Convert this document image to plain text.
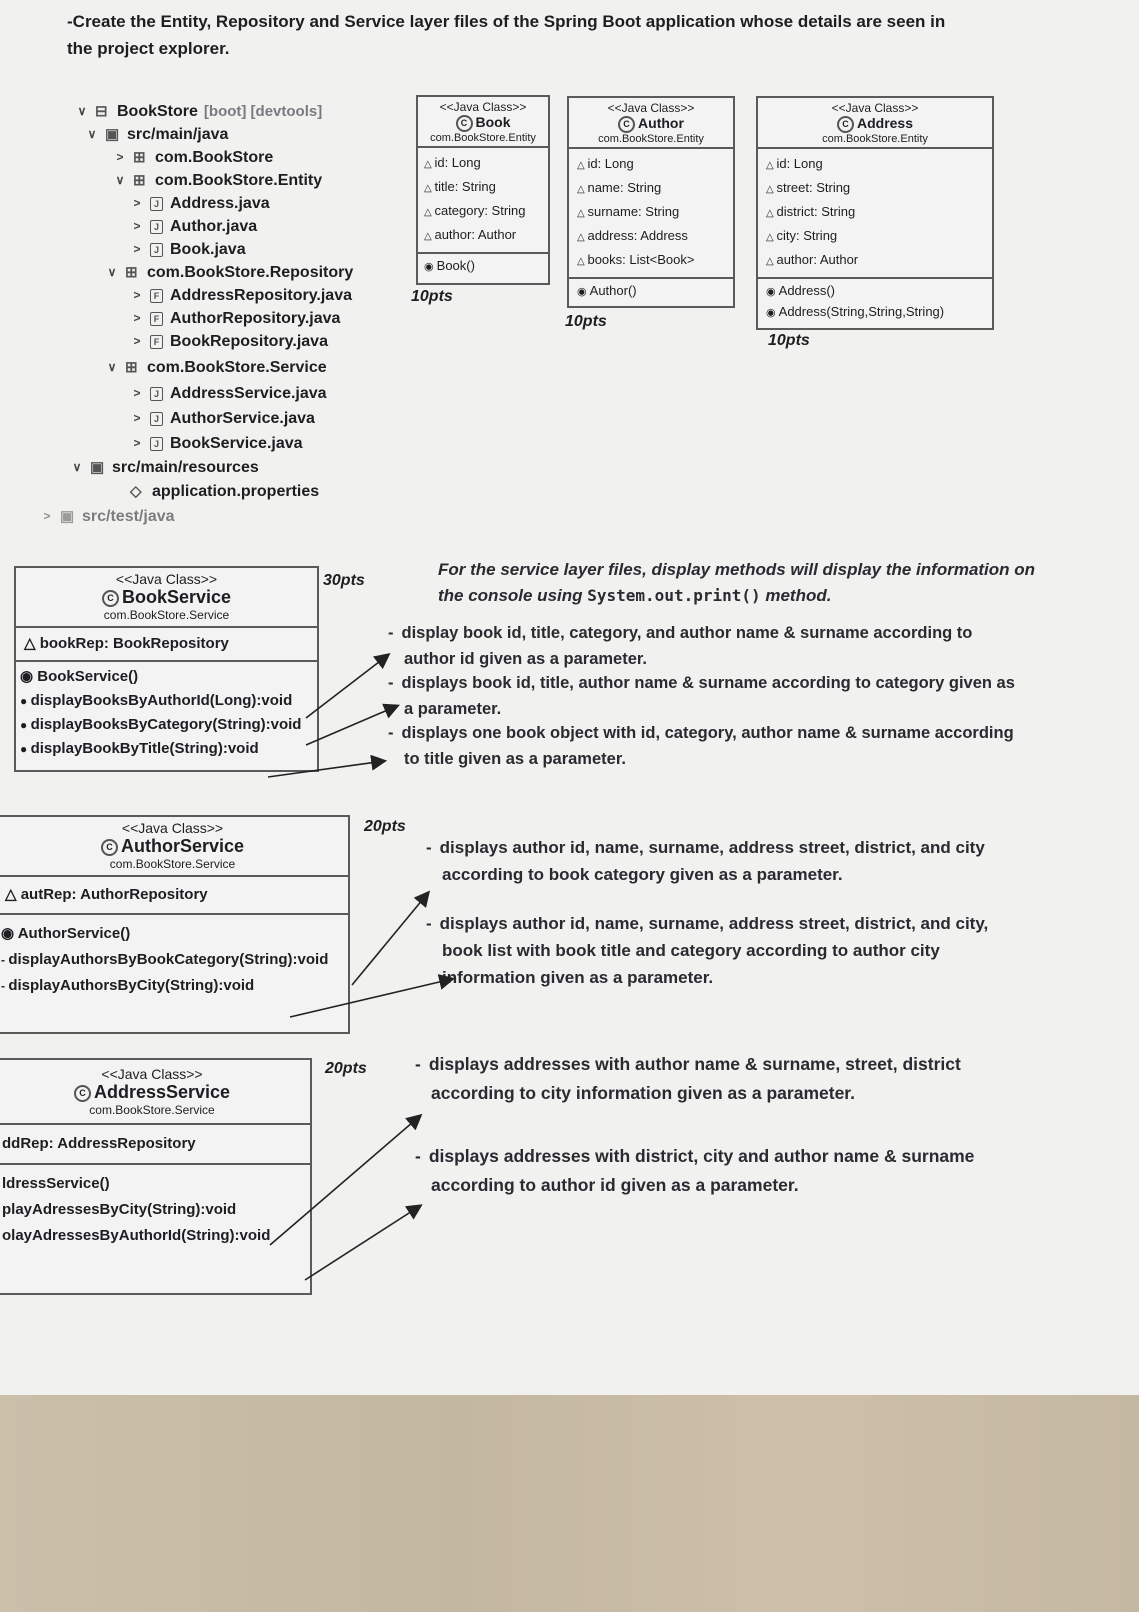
-Create the Entity, Repository and Service layer files of the Spring Boot application whose details are seen in
the project explorer.
∨ ⊟ BookStore [boot] [devtools]
∨ ▣ src/main/java
> ⊞ com.BookStore
∨ ⊞ com.BookStore.Entity
>	J Address.java
>	J Author.java
>	J Book.java
∨ ⊞ com.BookStore.Repository
>	F AddressRepository.java
>	F AuthorRepository.java
>	F BookRepository.java
∨ ⊞ com.BookStore.Service
>	J AddressService.java
>	J AuthorService.java
>	J BookService.java
∨ ▣ src/main/resources
◇ application.properties
> ▣ src/test/java
<<Java Class>>
C Book
com.BookStore.Entity
△ id: Long
△ title: String
△ category: String
△ author: Author
◉ Book()
10pts
<<Java Class>>
C Author
com.BookStore.Entity
△ id: Long
△ name: String
△ surname: String
△ address: Address
△ books: List<Book>
◉ Author()
10pts
<<Java Class>>
C Address
com.BookStore.Entity
△ id: Long
△ street: String
△ district: String
△ city: String
△ author: Author
◉ Address()
◉ Address(String,String,String)
10pts
<<Java Class>>
C BookService
com.BookStore.Service
△ bookRep: BookRepository
◉ BookService()
● displayBooksByAuthorId(Long):void
● displayBooksByCategory(String):void
● displayBookByTitle(String):void
30pts
<<Java Class>>
C AuthorService
com.BookStore.Service
△ autRep: AuthorRepository
◉ AuthorService()
- displayAuthorsByBookCategory(String):void
- displayAuthorsByCity(String):void
20pts
<<Java Class>>
C AddressService
com.BookStore.Service
ddRep: AddressRepository
ldressService()
playAdressesByCity(String):void
olayAdressesByAuthorId(String):void
20pts
For the service layer files, display methods will display the information on
the console using System.out.print() method.
- display book id, title, category, and author name & surname according to
author id given as a parameter.
- displays book id, title, author name & surname according to category given as
a parameter.
- displays one book object with id, category, author name & surname according
to title given as a parameter.
- displays author id, name, surname, address street, district, and city
according to book category given as a parameter.
- displays author id, name, surname, address street, district, and city,
book list with book title and category according to author city
information given as a parameter.
- displays addresses with author name & surname, street, district
according to city information given as a parameter.
- displays addresses with district, city and author name & surname
according to author id given as a parameter.
